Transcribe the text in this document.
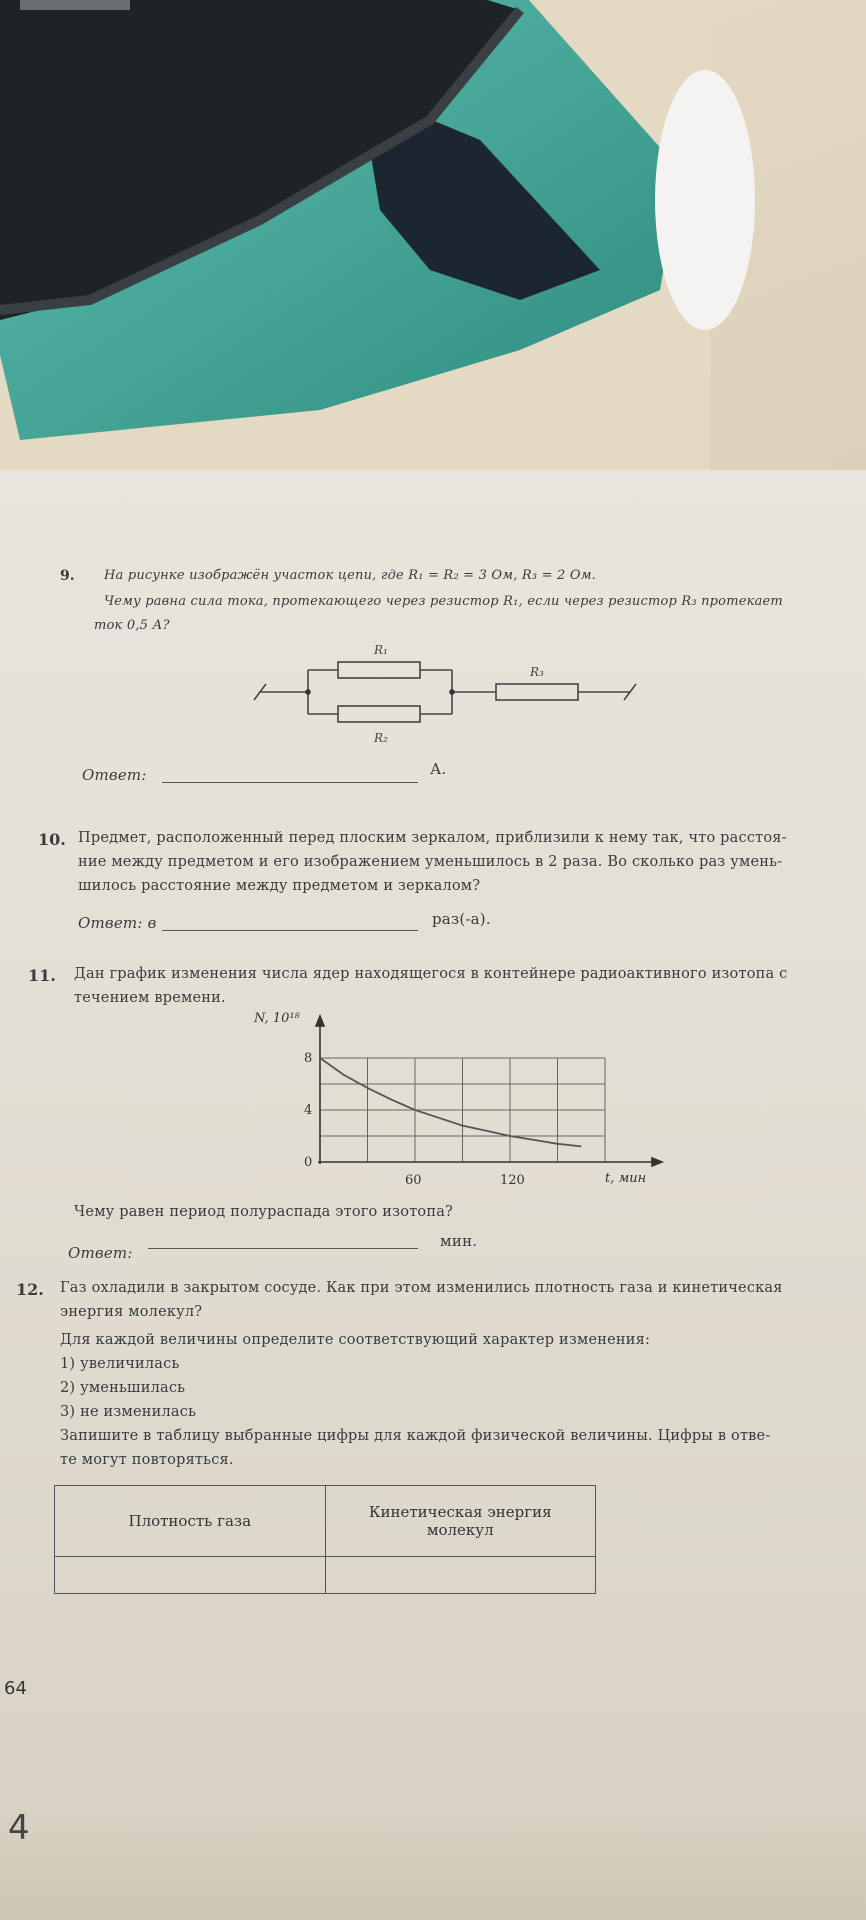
9. На рисунке изображён участок цепи, где R₁ = R₂ = 3 Ом, R₃ = 2 Ом.
Чему равна сила тока, протекающего через резистор R₁, если через резистор R₃ протекает
ток 0,5 А?
R₁
R₂
R₃
Ответ:	А.
10. Предмет, расположенный перед плоским зеркалом, приблизили к нему так, что расстоя-
ние между предметом и его изображением уменьшилось в 2 раза. Во сколько раз умень-
шилось расстояние между предметом и зеркалом?
Ответ: в	раз(-а).
11. Дан график изменения числа ядер находящегося в контейнере радиоактивного изотопа с
течением времени.
0
4
8
60	120
N, 10¹⁸
t, мин
Чему равен период полураспада этого изотопа?
Ответ:
мин.
12. Газ охладили в закрытом сосуде. Как при этом изменились плотность газа и кинетическая
энергия молекул?
Для каждой величины определите соответствующий характер изменения:
1) увеличилась
2) уменьшилась
3) не изменилась
Запишите в таблицу выбранные цифры для каждой физической величины. Цифры в отве-
те могут повторяться.
Плотность газа	Кинетическая энергия молекул

64
4
